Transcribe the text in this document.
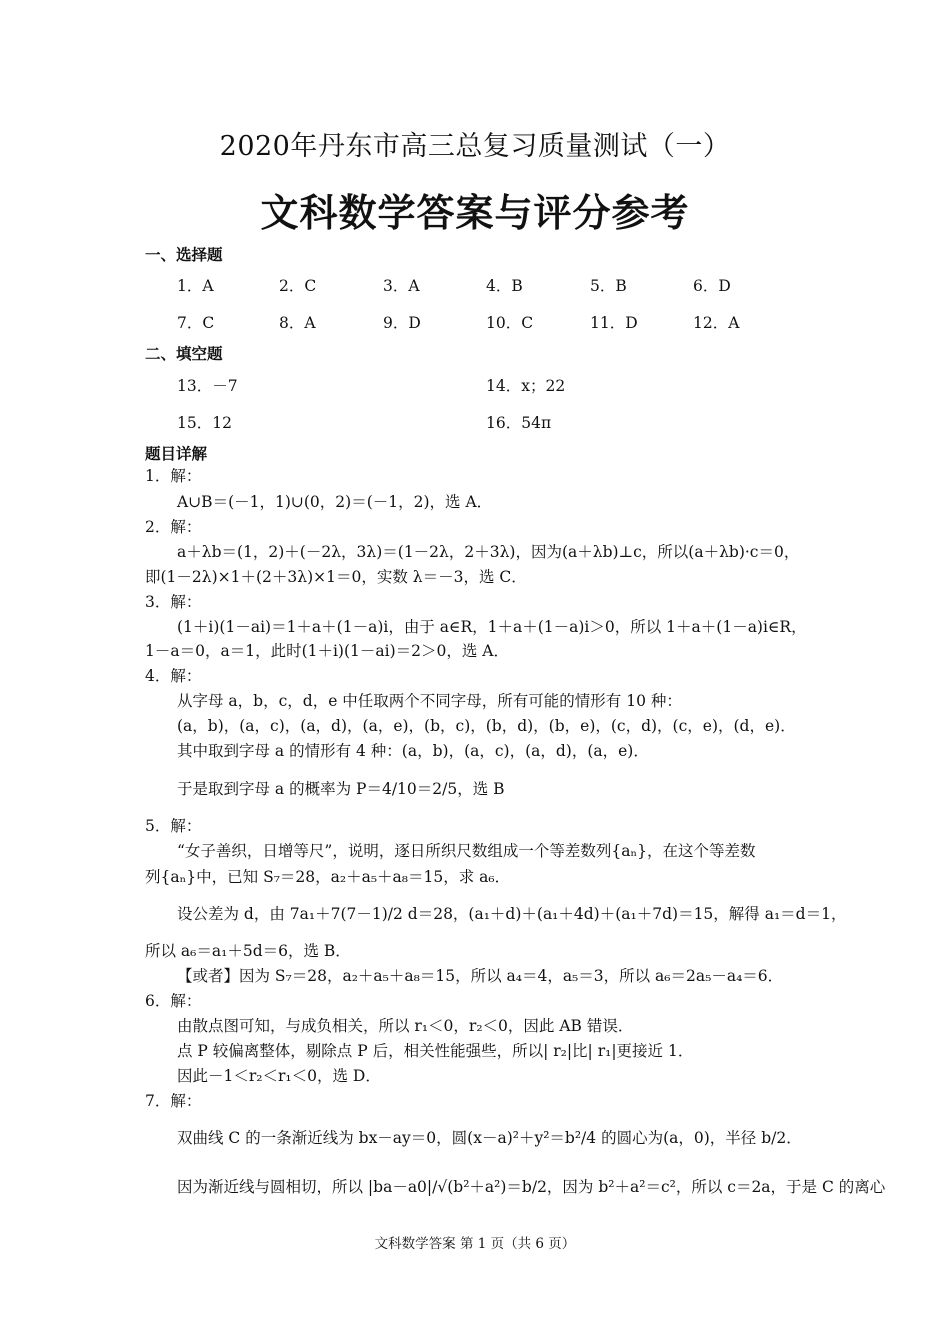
2020年丹东市高三总复习质量测试（一）
文科数学答案与评分参考
一、选择题
1．A	2．C	3．A	4．B	5．B	6．D
7．C	8．A	9．D	10．C	11．D	12．A
二、填空题
13．－7	14．x；22
15．12	16．54π
题目详解
1．解：
A∪B＝(－1，1)∪(0，2)＝(－1，2)，选 A．
2．解：
a＋λb＝(1，2)＋(－2λ，3λ)＝(1－2λ，2＋3λ)，因为(a＋λb)⊥c，所以(a＋λb)·c＝0，
即(1－2λ)×1＋(2＋3λ)×1＝0，实数 λ＝－3，选 C．
3．解：
(1＋i)(1－ai)＝1＋a＋(1－a)i，由于 a∈R，1＋a＋(1－a)i＞0，所以 1＋a＋(1－a)i∈R，
1－a＝0，a＝1，此时(1＋i)(1－ai)＝2＞0，选 A．
4．解：
从字母 a，b，c，d，e 中任取两个不同字母，所有可能的情形有 10 种：
(a，b)，(a，c)，(a，d)，(a，e)，(b，c)，(b，d)，(b，e)，(c，d)，(c，e)，(d，e)．
其中取到字母 a 的情形有 4 种：(a，b)，(a，c)，(a，d)，(a，e)．
于是取到字母 a 的概率为 P＝4/10＝2/5，选 B
5．解：
“女子善织，日增等尺”，说明，逐日所织尺数组成一个等差数列{aₙ}，在这个等差数
列{aₙ}中，已知 S₇＝28，a₂＋a₅＋a₈＝15，求 a₆．
设公差为 d，由 7a₁＋7(7－1)/2 d＝28，(a₁＋d)＋(a₁＋4d)＋(a₁＋7d)＝15，解得 a₁＝d＝1，
所以 a₆＝a₁＋5d＝6，选 B．
【或者】因为 S₇＝28，a₂＋a₅＋a₈＝15，所以 a₄＝4，a₅＝3，所以 a₆＝2a₅－a₄＝6．
6．解：
由散点图可知，与成负相关，所以 r₁＜0，r₂＜0，因此 AB 错误．
点 P 较偏离整体，剔除点 P 后，相关性能强些，所以| r₂|比| r₁|更接近 1．
因此－1＜r₂＜r₁＜0，选 D．
7．解：
双曲线 C 的一条渐近线为 bx－ay＝0，圆(x－a)²＋y²＝b²/4 的圆心为(a，0)，半径 b/2．
因为渐近线与圆相切，所以 |ba－a0|/√(b²＋a²)＝b/2，因为 b²＋a²＝c²，所以 c＝2a，于是 C 的离心
文科数学答案 第 1 页（共 6 页）
